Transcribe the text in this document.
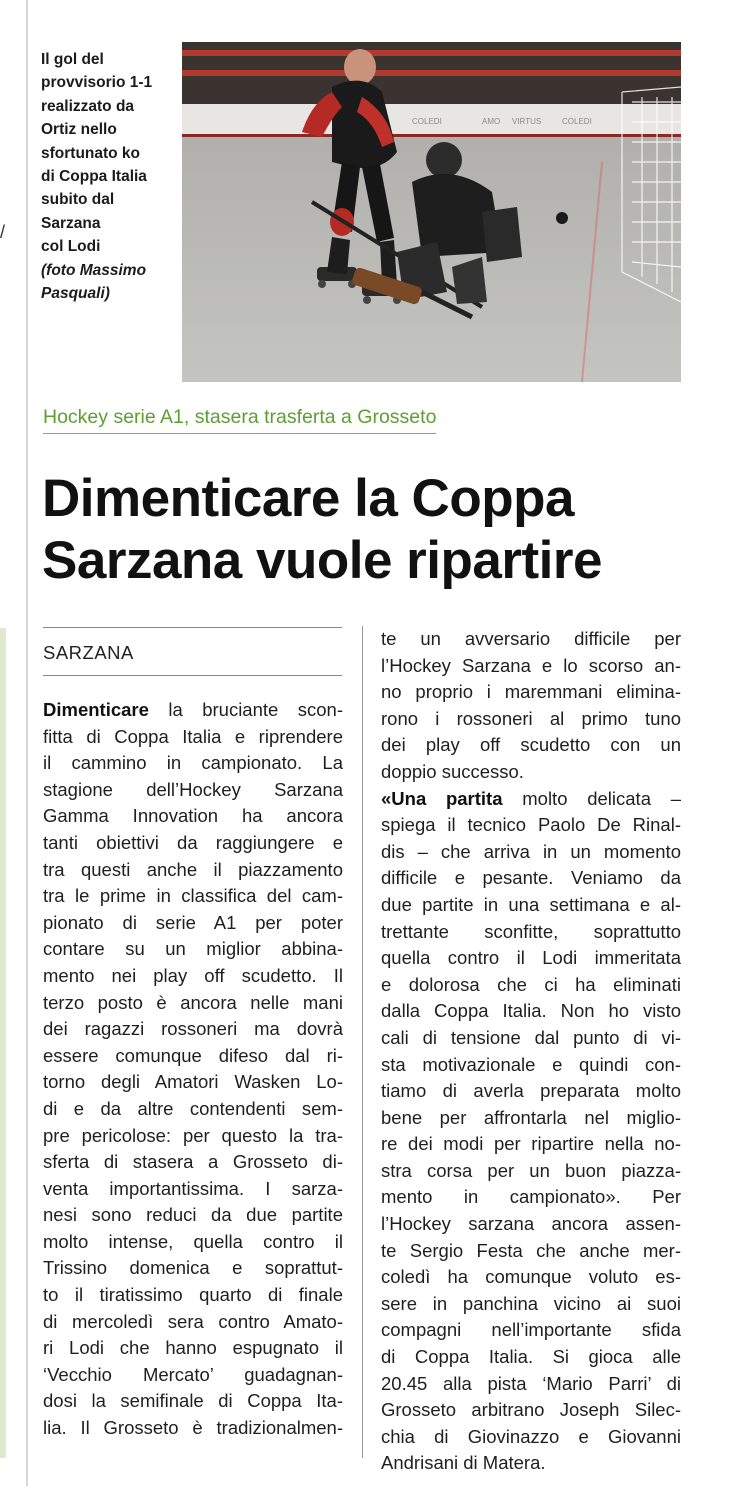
/
Il gol del
provvisorio 1-1
realizzato da
Ortiz nello
sfortunato ko
di Coppa Italia
subito dal
Sarzana
col Lodi
(foto Massimo
Pasquali)
COLEDI	AMO VIRTUS	COLEDI
Hockey serie A1, stasera trasferta a Grosseto
Dimenticare la Coppa
Sarzana vuole ripartire
SARZANA
Dimenticare la bruciante scon-
fitta di Coppa Italia e riprendere
il cammino in campionato. La
stagione dell’Hockey Sarzana
Gamma Innovation ha ancora
tanti obiettivi da raggiungere e
tra questi anche il piazzamento
tra le prime in classifica del cam-
pionato di serie A1 per poter
contare su un miglior abbina-
mento nei play off scudetto. Il
terzo posto è ancora nelle mani
dei ragazzi rossoneri ma dovrà
essere comunque difeso dal ri-
torno degli Amatori Wasken Lo-
di e da altre contendenti sem-
pre pericolose: per questo la tra-
sferta di stasera a Grosseto di-
venta importantissima. I sarza-
nesi sono reduci da due partite
molto intense, quella contro il
Trissino domenica e soprattut-
to il tiratissimo quarto di finale
di mercoledì sera contro Amato-
ri Lodi che hanno espugnato il
‘Vecchio Mercato’ guadagnan-
dosi la semifinale di Coppa Ita-
lia. Il Grosseto è tradizionalmen-
te un avversario difficile per
l’Hockey Sarzana e lo scorso an-
no proprio i maremmani elimina-
rono i rossoneri al primo tuno
dei play off scudetto con un
doppio successo.
«Una partita molto delicata –
spiega il tecnico Paolo De Rinal-
dis – che arriva in un momento
difficile e pesante. Veniamo da
due partite in una settimana e al-
trettante sconfitte, soprattutto
quella contro il Lodi immeritata
e dolorosa che ci ha eliminati
dalla Coppa Italia. Non ho visto
cali di tensione dal punto di vi-
sta motivazionale e quindi con-
tiamo di averla preparata molto
bene per affrontarla nel miglio-
re dei modi per ripartire nella no-
stra corsa per un buon piazza-
mento in campionato». Per
l’Hockey sarzana ancora assen-
te Sergio Festa che anche mer-
coledì ha comunque voluto es-
sere in panchina vicino ai suoi
compagni nell’importante sfida
di Coppa Italia. Si gioca alle
20.45 alla pista ‘Mario Parri’ di
Grosseto arbitrano Joseph Silec-
chia di Giovinazzo e Giovanni
Andrisani di Matera.
